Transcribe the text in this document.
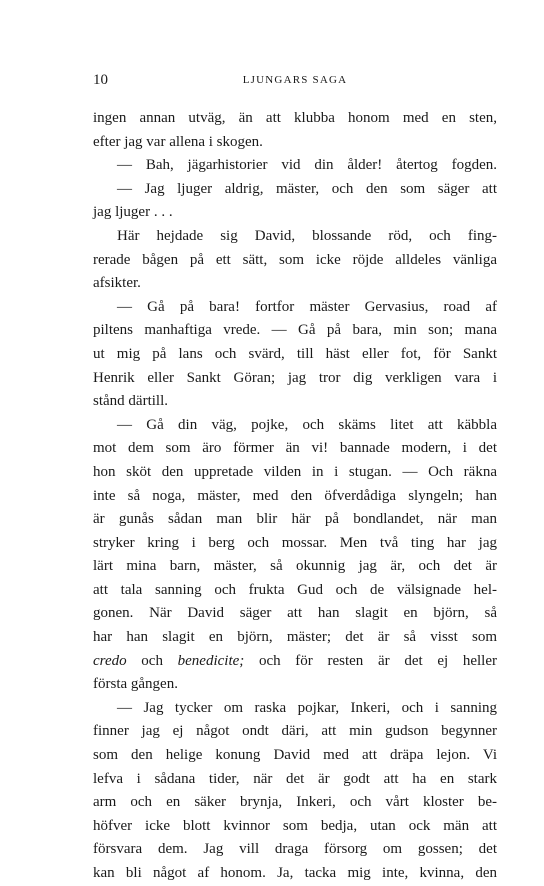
10	LJUNGARS SAGA
ingen annan utväg, än att klubba honom med en sten,
efter jag var allena i skogen.
— Bah, jägarhistorier vid din ålder! återtog fogden.
— Jag ljuger aldrig, mäster, och den som säger att
jag ljuger . . .
Här hejdade sig David, blossande röd, och fing-
rerade bågen på ett sätt, som icke röjde alldeles vänliga
afsikter.
— Gå på bara! fortfor mäster Gervasius, road af
piltens manhaftiga vrede. — Gå på bara, min son; mana
ut mig på lans och svärd, till häst eller fot, för Sankt
Henrik eller Sankt Göran; jag tror dig verkligen vara i
stånd därtill.
— Gå din väg, pojke, och skäms litet att käbbla
mot dem som äro förmer än vi! bannade modern, i det
hon sköt den uppretade vilden in i stugan. — Och räkna
inte så noga, mäster, med den öfverdådiga slyngeln; han
är gunås sådan man blir här på bondlandet, när man
stryker kring i berg och mossar. Men två ting har jag
lärt mina barn, mäster, så okunnig jag är, och det är
att tala sanning och frukta Gud och de välsignade hel-
gonen. När David säger att han slagit en björn, så
har han slagit en björn, mäster; det är så visst som
credo och benedicite; och för resten är det ej heller
första gången.
— Jag tycker om raska pojkar, Inkeri, och i sanning
finner jag ej något ondt däri, att min gudson begynner
som den helige konung David med att dräpa lejon. Vi
lefva i sådana tider, när det är godt att ha en stark
arm och en säker brynja, Inkeri, och vårt kloster be-
höfver icke blott kvinnor som bedja, utan ock män att
försvara dem. Jag vill draga försorg om gossen; det
kan bli något af honom. Ja, tacka mig inte, kvinna, den
